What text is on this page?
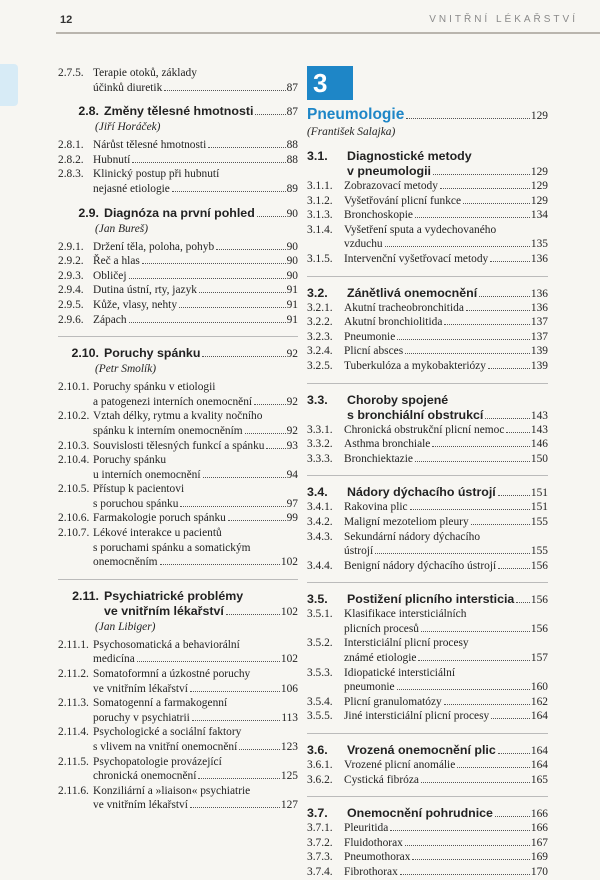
12	VNITŘNÍ LÉKAŘSTVÍ
2.7.5. Terapie otoků, základy
účinků diuretik	87
2.8. Změny tělesné hmotnosti	87
(Jiří Horáček)
2.8.1. Nárůst tělesné hmotnosti	88
2.8.2. Hubnutí	88
2.8.3. Klinický postup při hubnutí
nejasné etiologie	89
2.9. Diagnóza na první pohled	90
(Jan Bureš)
2.9.1. Držení těla, poloha, pohyb	90
2.9.2. Řeč a hlas	90
2.9.3. Obličej	90
2.9.4. Dutina ústní, rty, jazyk	91
2.9.5. Kůže, vlasy, nehty	91
2.9.6. Zápach	91
2.10. Poruchy spánku	92
(Petr Smolík)
2.10.1. Poruchy spánku v etiologii
a patogenezi interních onemocnění	92
2.10.2. Vztah délky, rytmu a kvality nočního
spánku k interním onemocněním	92
2.10.3. Souvislosti tělesných funkcí a spánku 93
2.10.4. Poruchy spánku
u interních onemocnění	94
2.10.5. Přístup k pacientovi
s poruchou spánku	97
2.10.6. Farmakologie poruch spánku	99
2.10.7. Lékové interakce u pacientů
s poruchami spánku a somatickým
onemocněním	102
2.11. Psychiatrické problémy
ve vnitřním lékařství	102
(Jan Libiger)
2.11.1. Psychosomatická a behaviorální
medicína	102
2.11.2. Somatoformní a úzkostné poruchy
ve vnitřním lékařství	106
2.11.3. Somatogenní a farmakogenní
poruchy v psychiatrii	113
2.11.4. Psychologické a sociální faktory
s vlivem na vnitřní onemocnění	123
2.11.5. Psychopatologie provázející
chronická onemocnění	125
2.11.6. Konziliární a »liaison« psychiatrie
ve vnitřním lékařství	127
3
Pneumologie	129
(František Salajka)
3.1.	Diagnostické metody
v pneumologii	129
3.1.1. Zobrazovací metody	129
3.1.2. Vyšetřování plicní funkce	129
3.1.3. Bronchoskopie	134
3.1.4. Vyšetření sputa a vydechovaného
vzduchu	135
3.1.5. Intervenční vyšetřovací metody	136
3.2.	Zánětlivá onemocnění	136
3.2.1. Akutní tracheobronchitida	136
3.2.2. Akutní bronchiolitida	137
3.2.3. Pneumonie	137
3.2.4. Plicní absces	139
3.2.5. Tuberkulóza a mykobakteriózy	139
3.3.	Choroby spojené
s bronchiální obstrukcí	143
3.3.1. Chronická obstrukční plicní nemoc 143
3.3.2. Asthma bronchiale	146
3.3.3. Bronchiektazie	150
3.4.	Nádory dýchacího ústrojí	151
3.4.1. Rakovina plic	151
3.4.2. Maligní mezoteliom pleury	155
3.4.3. Sekundární nádory dýchacího
ústrojí	155
3.4.4. Benigní nádory dýchacího ústrojí	156
3.5.	Postižení plicního intersticia 156
3.5.1. Klasifikace intersticiálních
plicních procesů	156
3.5.2. Intersticiální plicní procesy
známé etiologie	157
3.5.3. Idiopatické intersticiální
pneumonie	160
3.5.4. Plicní granulomatózy	162
3.5.5. Jiné intersticiální plicní procesy	164
3.6.	Vrozená onemocnění plic	164
3.6.1. Vrozené plicní anomálie	164
3.6.2. Cystická fibróza	165
3.7.	Onemocnění pohrudnice	166
3.7.1. Pleuritida	166
3.7.2. Fluidothorax	167
3.7.3. Pneumothorax	169
3.7.4. Fibrothorax	170
